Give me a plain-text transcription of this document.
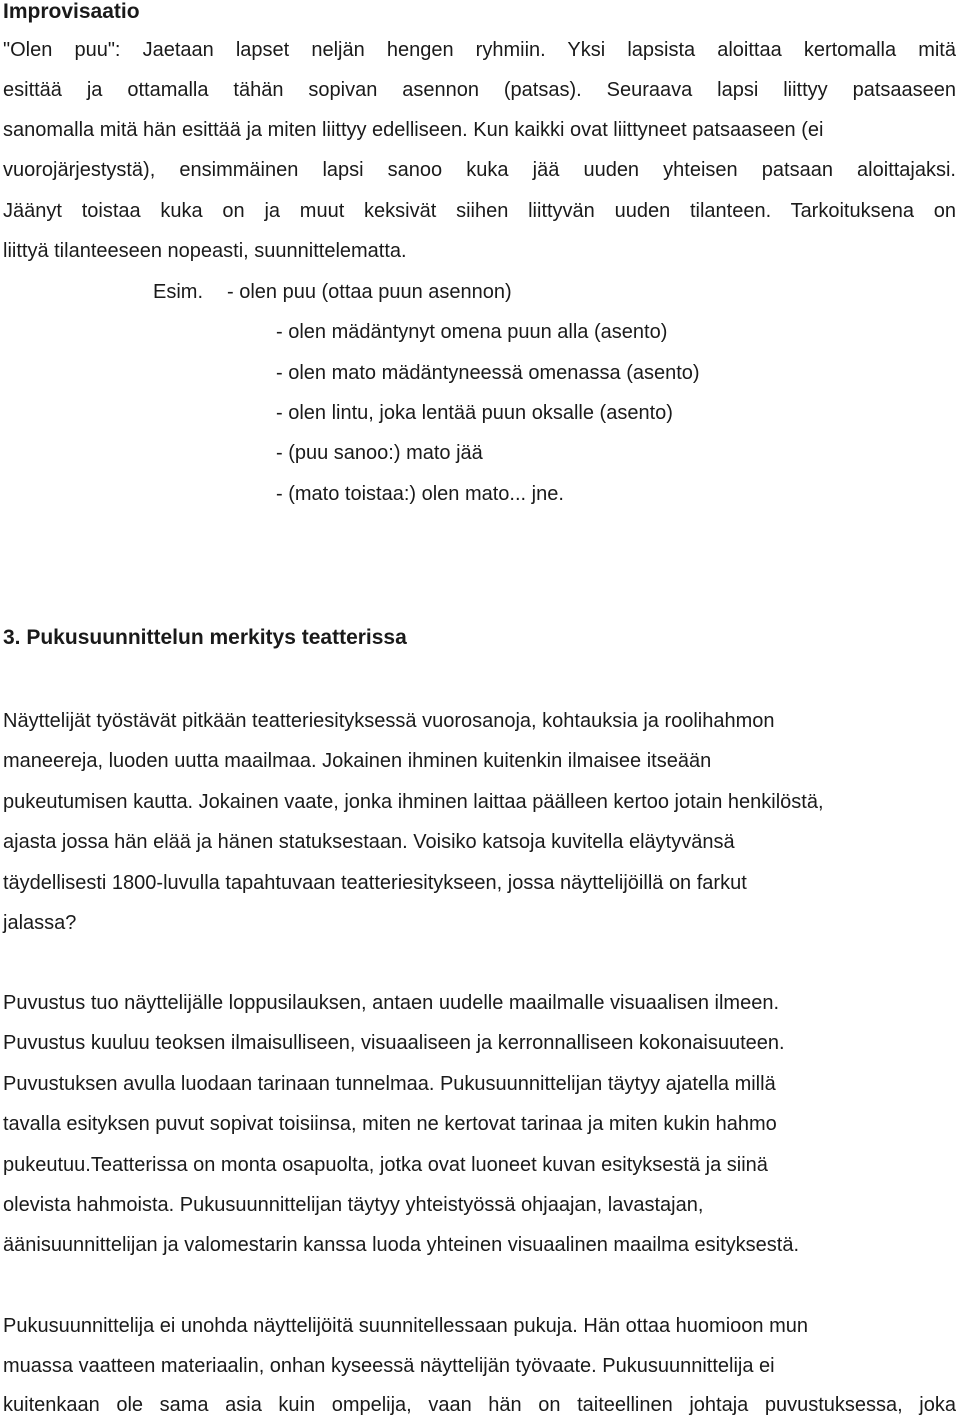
Improvisaatio
"Olen puu": Jaetaan lapset neljän hengen ryhmiin. Yksi lapsista aloittaa kertomalla mitä
esittää ja ottamalla tähän sopivan asennon (patsas). Seuraava lapsi liittyy patsaaseen
sanomalla mitä hän esittää ja miten liittyy edelliseen. Kun kaikki ovat liittyneet patsaaseen (ei
vuorojärjestystä), ensimmäinen lapsi sanoo kuka jää uuden yhteisen patsaan aloittajaksi.
Jäänyt toistaa kuka on ja muut keksivät siihen liittyvän uuden tilanteen. Tarkoituksena on
liittyä tilanteeseen nopeasti, suunnittelematta.
Esim. - olen puu (ottaa puun asennon)
- olen mädäntynyt omena puun alla (asento)
- olen mato mädäntyneessä omenassa (asento)
- olen lintu, joka lentää puun oksalle (asento)
- (puu sanoo:) mato jää
- (mato toistaa:) olen mato... jne.
3. Pukusuunnittelun merkitys teatterissa
Näyttelijät työstävät pitkään teatteriesityksessä vuorosanoja, kohtauksia ja roolihahmon
maneereja, luoden uutta maailmaa. Jokainen ihminen kuitenkin ilmaisee itseään
pukeutumisen kautta. Jokainen vaate, jonka ihminen laittaa päälleen kertoo jotain henkilöstä,
ajasta jossa hän elää ja hänen statuksestaan. Voisiko katsoja kuvitella eläytyvänsä
täydellisesti 1800-luvulla tapahtuvaan teatteriesitykseen, jossa näyttelijöillä on farkut
jalassa?
Puvustus tuo näyttelijälle loppusilauksen, antaen uudelle maailmalle visuaalisen ilmeen.
Puvustus kuuluu teoksen ilmaisulliseen, visuaaliseen ja kerronnalliseen kokonaisuuteen.
Puvustuksen avulla luodaan tarinaan tunnelmaa. Pukusuunnittelijan täytyy ajatella millä
tavalla esityksen puvut sopivat toisiinsa, miten ne kertovat tarinaa ja miten kukin hahmo
pukeutuu.Teatterissa on monta osapuolta, jotka ovat luoneet kuvan esityksestä ja siinä
olevista hahmoista. Pukusuunnittelijan täytyy yhteistyössä ohjaajan, lavastajan,
äänisuunnittelijan ja valomestarin kanssa luoda yhteinen visuaalinen maailma esityksestä.
Pukusuunnittelija ei unohda näyttelijöitä suunnitellessaan pukuja. Hän ottaa huomioon mun
muassa vaatteen materiaalin, onhan kyseessä näyttelijän työvaate. Pukusuunnittelija ei
kuitenkaan ole sama asia kuin ompelija, vaan hän on taiteellinen johtaja puvustuksessa, joka
